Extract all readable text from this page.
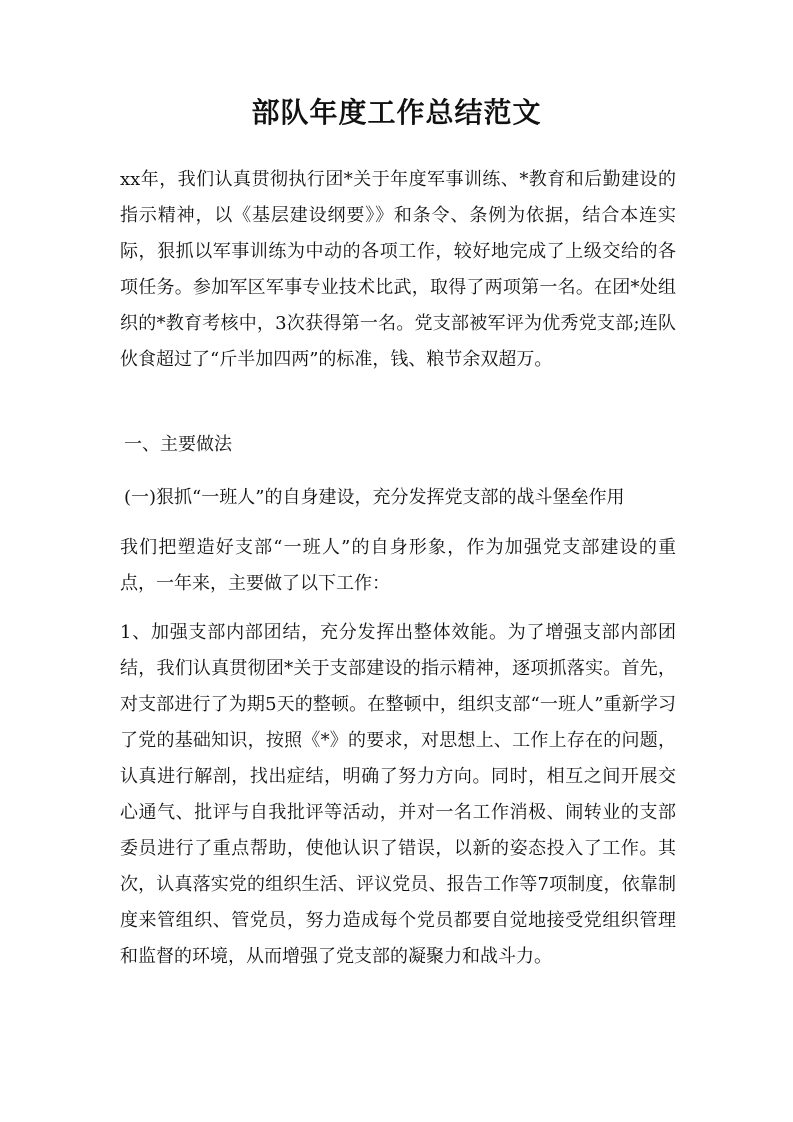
部队年度工作总结范文

xx年，我们认真贯彻执行团*关于年度军事训练、*教育和后勤建设的指示精神，以《基层建设纲要》》和条令、条例为依据，结合本连实际，狠抓以军事训练为中动的各项工作，较好地完成了上级交给的各项任务。参加军区军事专业技术比武，取得了两项第一名。在团*处组织的*教育考核中，3次获得第一名。党支部被军评为优秀党支部;连队伙食超过了“斤半加四两”的标准，钱、粮节余双超万。

一、主要做法

(一)狠抓“一班人”的自身建设，充分发挥党支部的战斗堡垒作用

我们把塑造好支部“一班人”的自身形象，作为加强党支部建设的重点，一年来，主要做了以下工作：

1、加强支部内部团结，充分发挥出整体效能。为了增强支部内部团结，我们认真贯彻团*关于支部建设的指示精神，逐项抓落实。首先，对支部进行了为期5天的整顿。在整顿中，组织支部“一班人”重新学习了党的基础知识，按照《*》的要求，对思想上、工作上存在的问题，认真进行解剖，找出症结，明确了努力方向。同时，相互之间开展交心通气、批评与自我批评等活动，并对一名工作消极、闹转业的支部委员进行了重点帮助，使他认识了错误，以新的姿态投入了工作。其次，认真落实党的组织生活、评议党员、报告工作等7项制度，依靠制度来管组织、管党员，努力造成每个党员都要自觉地接受党组织管理和监督的环境，从而增强了党支部的凝聚力和战斗力。
